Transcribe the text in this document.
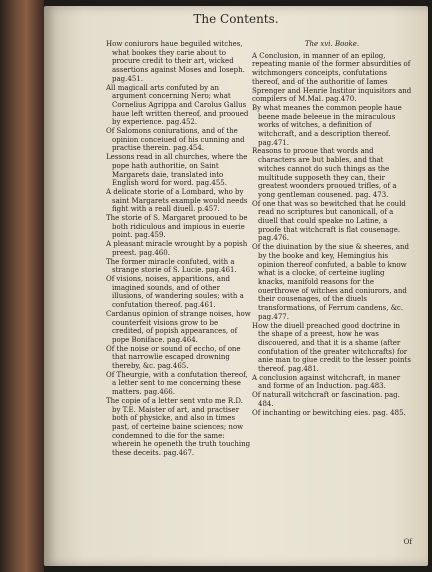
The Contents.
How coniurors haue beguiled witches, what bookes they carie about to procure credit to their art, wicked assertions against Moses and Ioseph. pag.451.
All magicall arts confuted by an argument concerning Nero; what Cornelius Agrippa and Carolus Gallus haue left written thereof, and prooued by experience. pag.452.
Of Salomons coniurations, and of the opinion conceiued of his cunning and practise therein. pag.454.
Lessons read in all churches, where the pope hath authoritie, on Saint Margarets daie, translated into English word for word. pag.455.
A delicate storie of a Lombard, who by saint Margarets example would needs fight with a reall diuell. p.457.
The storie of S. Margaret prooued to be both ridiculous and impious in euerie point. pag.459.
A pleasant miracle wrought by a popish preest. pag.460.
The former miracle confuted, with a strange storie of S. Lucie. pag.461.
Of visions, noises, apparitions, and imagined sounds, and of other illusions, of wandering soules; with a confutation thereof. pag.461.
Cardanus opinion of strange noises, how counterfeit visions grow to be credited, of popish appearances, of pope Boniface. pag.464.
Of the noise or sound of eccho, of one that narrowlie escaped drowning thereby, &c. pag.465.
Of Theurgie, with a confutation thereof, a letter sent to me concerning these matters. pag.466.
The copie of a letter sent vnto me R.D. by T.E. Maister of art, and practiser both of physicke, and also in times past, of certeine baine sciences; now condemned to die for the same: wherein he openeth the truth touching these deceits. pag.467.
The xvi. Booke.
A Conclusion, in manner of an epilog, repeating manie of the former absurdities of witchmongers conceipts, confutations thereof, and of the authoritie of Iames Sprenger and Henrie Institor inquisitors and compilers of M.Mal. pag.470.
By what meanes the common people haue beene made beleeue in the miraculous works of witches, a definition of witchcraft, and a description thereof. pag.471.
Reasons to prooue that words and characters are but bables, and that witches cannot do such things as the multitude supposeth they can, their greatest woonders prooued trifles, of a yong gentleman cousened. pag. 473.
Of one that was so bewitched that he could read no scriptures but canonicall, of a diuell that could speake no Latine, a proofe that witchcraft is flat cousenage. pag.476.
Of the diuination by the siue & sheeres, and by the booke and key, Hemingius his opinion thereof confuted, a bable to know what is a clocke, of certeine iugling knacks, manifold reasons for the ouerthrowe of witches and coniurors, and their cousenages, of the diuels transformations, of Ferrum candens, &c. pag.477.
How the diuell preached good doctrine in the shape of a preest, how he was discouered, and that it is a shame (after confutation of the greater witchcrafts) for anie man to giue credit to the lesser points thereof. pag.481.
A conclusion against witchcraft, in maner and forme of an Induction. pag.483.
Of naturall witchcraft or fascination. pag. 484.
Of inchanting or bewitching eies. pag. 485.
Of
